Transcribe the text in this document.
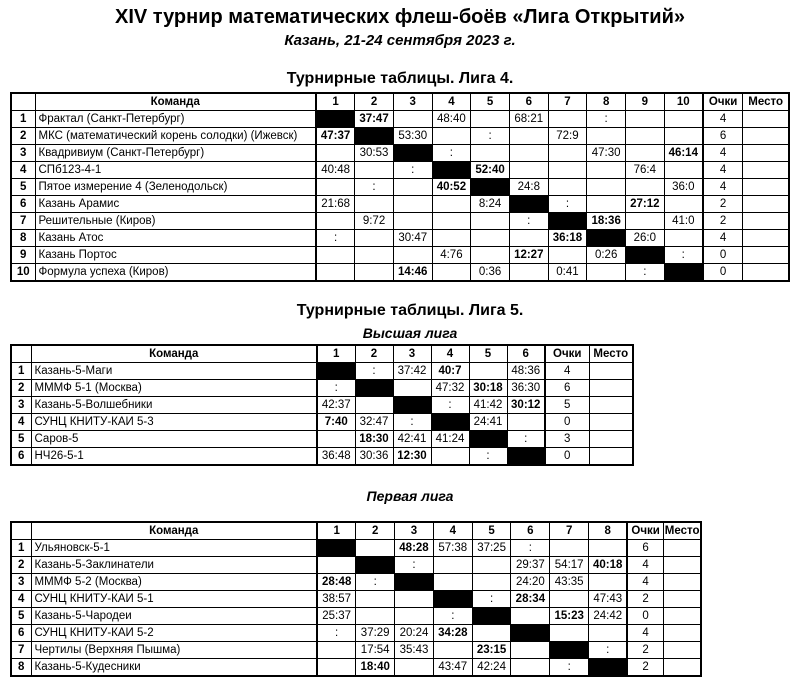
XIV турнир математических флеш-боёв «Лига Открытий»
Казань, 21-24 сентября 2023 г.
Турнирные таблицы. Лига 4.
	Команда	1	2	3	4	5	6	7	8	9	10	Очки	Место
1	Фрактал (Санкт-Петербург)		37:47		48:40		68:21		:			4	
2	МКС (математический корень солодки) (Ижевск)	47:37		53:30		:		72:9				6	
3	Квадривиум (Санкт-Петербург)		30:53		:				47:30		46:14	4	
4	СПб123-4-1	40:48		:		52:40				76:4		4	
5	Пятое измерение 4 (Зеленодольск)		:		40:52		24:8				36:0	4	
6	Казань Арамис	21:68				8:24		:		27:12		2	
7	Решительные (Киров)		9:72				:		18:36		41:0	2	
8	Казань Атос	:		30:47				36:18		26:0		4	
9	Казань Портос				4:76		12:27		0:26		:	0	
10	Формула успеха (Киров)			14:46		0:36		0:41		:		0	
Турнирные таблицы. Лига 5.
Высшая лига
	Команда	1	2	3	4	5	6	Очки	Место
1	Казань-5-Маги		:	37:42	40:7		48:36	4	
2	МММФ 5-1 (Москва)	:			47:32	30:18	36:30	6	
3	Казань-5-Волшебники	42:37			:	41:42	30:12	5	
4	СУНЦ КНИТУ-КАИ 5-3	7:40	32:47	:		24:41		0	
5	Саров-5		18:30	42:41	41:24		:	3	
6	НЧ26-5-1	36:48	30:36	12:30		:		0	
Первая лига
	Команда	1	2	3	4	5	6	7	8	Очки	Место
1	Ульяновск-5-1			48:28	57:38	37:25	:			6	
2	Казань-5-Заклинатели			:			29:37	54:17	40:18	4	
3	МММФ 5-2 (Москва)	28:48	:				24:20	43:35		4	
4	СУНЦ КНИТУ-КАИ 5-1	38:57				:	28:34		47:43	2	
5	Казань-5-Чародеи	25:37			:			15:23	24:42	0	
6	СУНЦ КНИТУ-КАИ 5-2	:	37:29	20:24	34:28					4	
7	Чертилы (Верхняя Пышма)		17:54	35:43		23:15			:	2	
8	Казань-5-Кудесники		18:40		43:47	42:24		:		2	
